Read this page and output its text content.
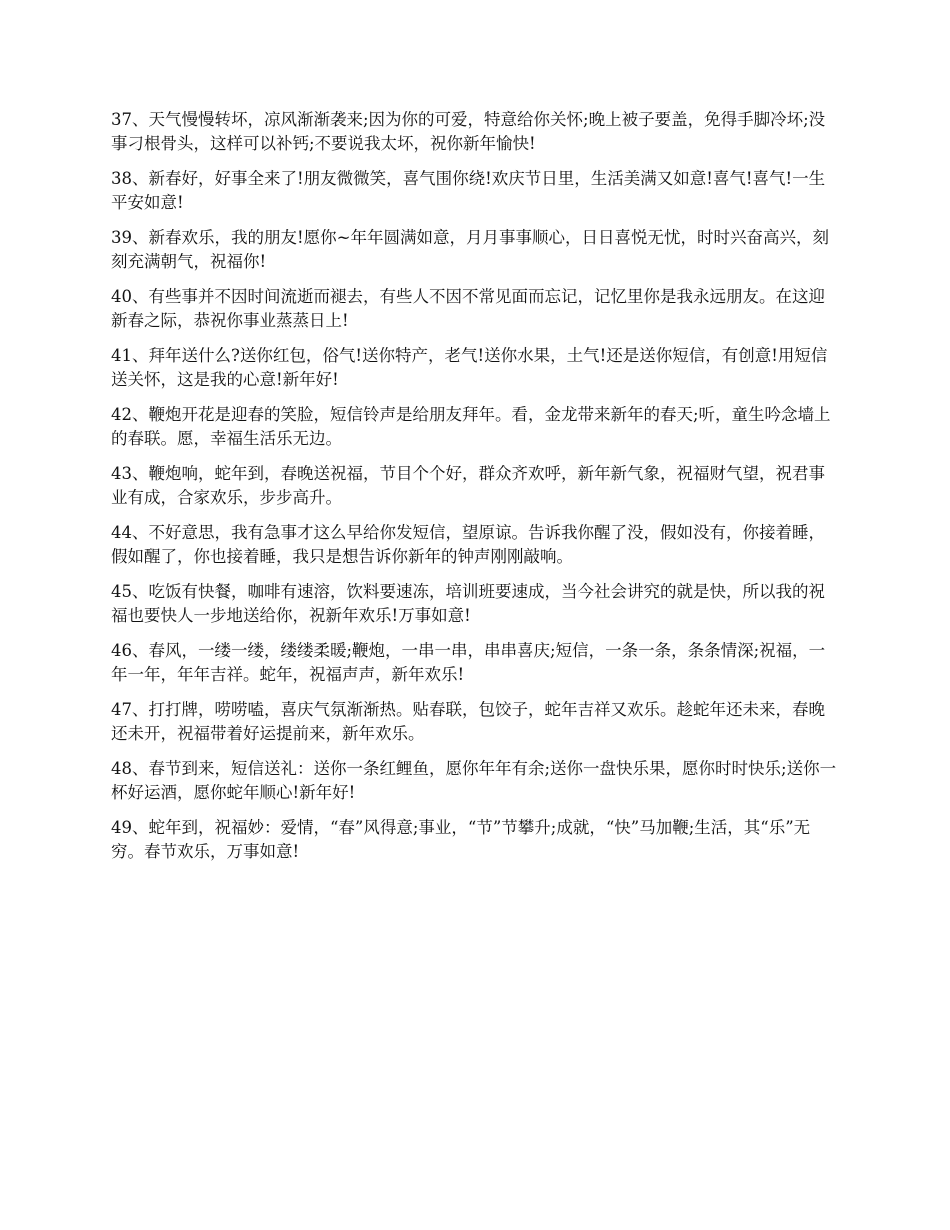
37、天气慢慢转坏，凉风渐渐袭来;因为你的可爱，特意给你关怀;晚上被子要盖，免得手脚冷坏;没事刁根骨头，这样可以补钙;不要说我太坏，祝你新年愉快!

38、新春好，好事全来了!朋友微微笑，喜气围你绕!欢庆节日里，生活美满又如意!喜气!喜气!一生平安如意!

39、新春欢乐，我的朋友!愿你~年年圆满如意，月月事事顺心，日日喜悦无忧，时时兴奋高兴，刻刻充满朝气，祝福你!

40、有些事并不因时间流逝而褪去，有些人不因不常见面而忘记，记忆里你是我永远朋友。在这迎新春之际，恭祝你事业蒸蒸日上!

41、拜年送什么?送你红包，俗气!送你特产，老气!送你水果，土气!还是送你短信，有创意!用短信送关怀，这是我的心意!新年好!

42、鞭炮开花是迎春的笑脸，短信铃声是给朋友拜年。看，金龙带来新年的春天;听，童生吟念墙上的春联。愿，幸福生活乐无边。

43、鞭炮响，蛇年到，春晚送祝福，节目个个好，群众齐欢呼，新年新气象，祝福财气望，祝君事业有成，合家欢乐，步步高升。

44、不好意思，我有急事才这么早给你发短信，望原谅。告诉我你醒了没，假如没有，你接着睡，假如醒了，你也接着睡，我只是想告诉你新年的钟声刚刚敲响。

45、吃饭有快餐，咖啡有速溶，饮料要速冻，培训班要速成，当今社会讲究的就是快，所以我的祝福也要快人一步地送给你，祝新年欢乐!万事如意!

46、春风，一缕一缕，缕缕柔暖;鞭炮，一串一串，串串喜庆;短信，一条一条，条条情深;祝福，一年一年，年年吉祥。蛇年，祝福声声，新年欢乐!

47、打打牌，唠唠嗑，喜庆气氛渐渐热。贴春联，包饺子，蛇年吉祥又欢乐。趁蛇年还未来，春晚还未开，祝福带着好运提前来，新年欢乐。

48、春节到来，短信送礼：送你一条红鲤鱼，愿你年年有余;送你一盘快乐果，愿你时时快乐;送你一杯好运酒，愿你蛇年顺心!新年好!

49、蛇年到，祝福妙：爱情，“春”风得意;事业，“节”节攀升;成就，“快”马加鞭;生活，其“乐”无穷。春节欢乐，万事如意!
